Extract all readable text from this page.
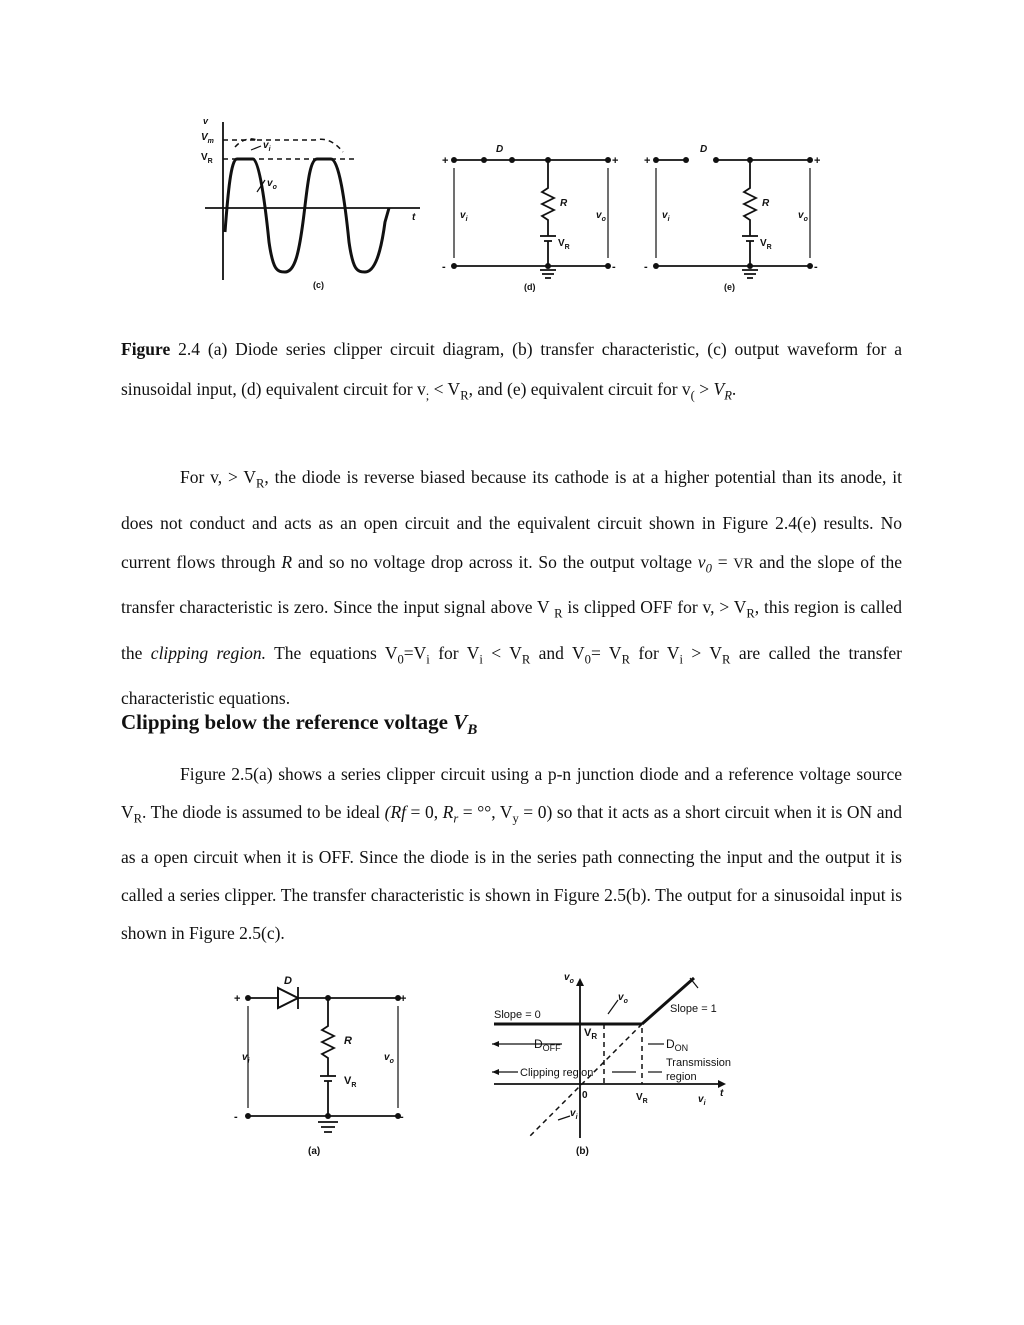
v
$V_m$
$V_R$
$v_i$
$v_o$
t
(c)
D
+	+
-	-
$v_i$	$v_o$
R
$V_R$
(d)
D
+	+
-	-
$v_i$	$v_o$
R
$V_R$
(e)

Figure 2.4 (a) Diode series clipper circuit diagram, (b) transfer characteristic, (c) output waveform for a sinusoidal input, (d) equivalent circuit for $v_; < V_R$, and (e) equivalent circuit for $v_( > V_R$.

For v, > $V_R$, the diode is reverse biased because its cathode is at a higher potential than its anode, it does not conduct and acts as an open circuit and the equivalent circuit shown in Figure 2.4(e) results. No current flows through R and so no voltage drop across it. So the output voltage $v_0$ = VR and the slope of the transfer characteristic is zero. Since the input signal above V $_R$ is clipped OFF for v, > $V_R$, this region is called the clipping region. The equations $V_0=V_i$ for $V_i < V_R$ and $V_0= V_R$ for $V_i > V_R$ are called the transfer characteristic equations.

Clipping below the reference voltage $V_B$

Figure 2.5(a) shows a series clipper circuit using a p-n junction diode and a reference voltage source $V_R$. The diode is assumed to be ideal (Rf = 0, $R_r$ = °°, $V_y = 0$) so that it acts as a short circuit when it is ON and as a open circuit when it is OFF. Since the diode is in the series path connecting the input and the output it is called a series clipper. The transfer characteristic is shown in Figure 2.5(b). The output for a sinusoidal input is shown in Figure 2.5(c).

D
+	+
-	-
$v_i$	$v_o$
R
$V_R$
(a)
$v_o$
$v_o$
Slope = 0	Slope = 1
$V_R$
$D_{OFF}$	$D_{ON}$
Transmission
region
Clipping region
0	$V_R$
t
$v_i$
$v_i$
(b)
